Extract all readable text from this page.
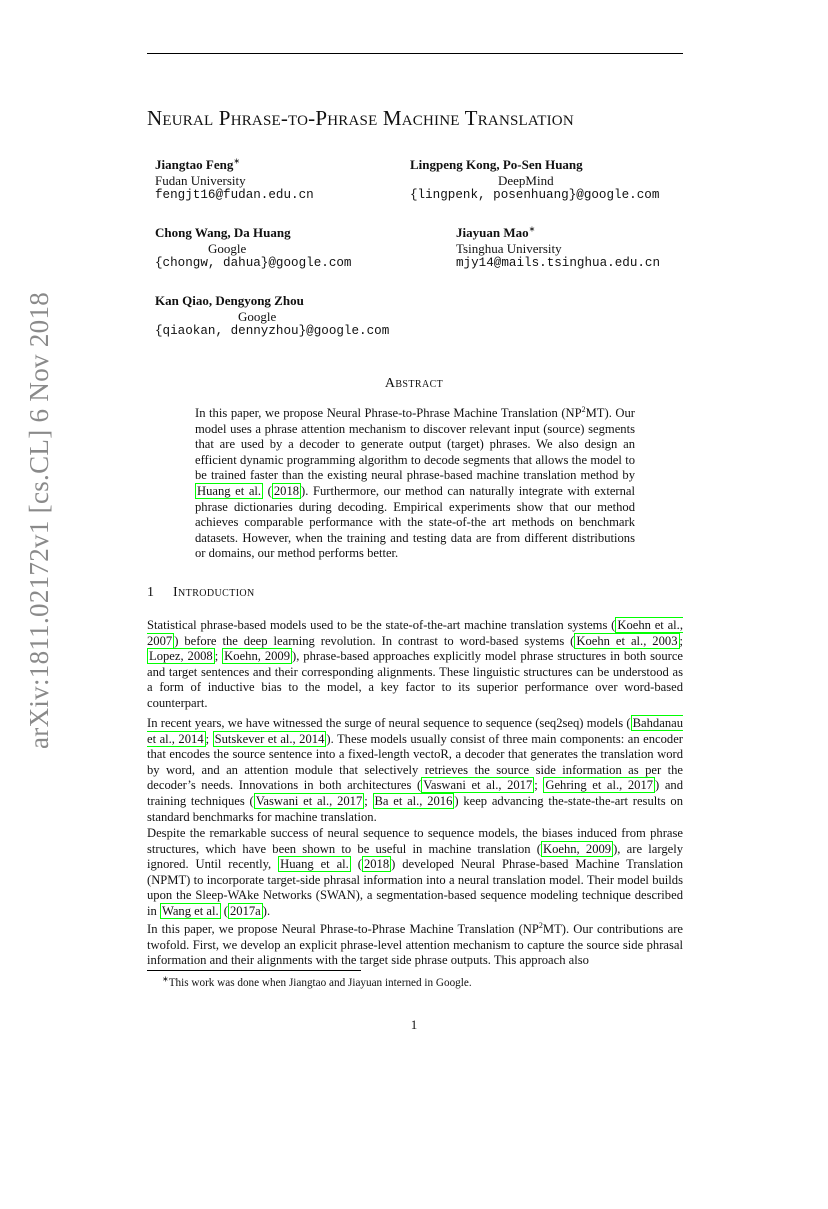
arXiv:1811.02172v1 [cs.CL] 6 Nov 2018
Neural Phrase-to-Phrase Machine Translation
Jiangtao Feng∗
Fudan University
fengjt16@fudan.edu.cn
Lingpeng Kong, Po-Sen Huang
DeepMind
{lingpenk, posenhuang}@google.com
Chong Wang, Da Huang
Google
{chongw, dahua}@google.com
Jiayuan Mao∗
Tsinghua University
mjy14@mails.tsinghua.edu.cn
Kan Qiao, Dengyong Zhou
Google
{qiaokan, dennyzhou}@google.com
Abstract
In this paper, we propose Neural Phrase-to-Phrase Machine Translation $(NP^2MT)$. Our model uses a phrase attention mechanism to discover relevant input (source) segments that are used by a decoder to generate output (target) phrases. We also design an efficient dynamic programming algorithm to decode segments that allows the model to be trained faster than the existing neural phrase-based machine translation method by Huang et al. ( 2018 ). Furthermore, our method can naturally integrate with external phrase dictionaries during decoding. Empirical experiments show that our method achieves comparable performance with the state-of-the art methods on benchmark datasets. However, when the training and testing data are from different distributions or domains, our method performs better.
1 Introduction
Statistical phrase-based models used to be the state-of-the-art machine translation systems ( Koehn et al., 2007 ) before the deep learning revolution. In contrast to word-based systems ( Koehn et al., 2003 ; Lopez, 2008 ; Koehn, 2009 ), phrase-based approaches explicitly model phrase structures in both source and target sentences and their corresponding alignments. These linguistic structures can be understood as a form of inductive bias to the model, a key factor to its superior performance over word-based counterpart.
In recent years, we have witnessed the surge of neural sequence to sequence (seq2seq) models ( Bahdanau et al., 2014 ; Sutskever et al., 2014 ). These models usually consist of three main components: an encoder that encodes the source sentence into a fixed-length vectoR, a decoder that generates the translation word by word, and an attention module that selectively retrieves the source side information as per the decoder’s needs. Innovations in both architectures ( Vaswani et al., 2017 ; Gehring et al., 2017 ) and training techniques ( Vaswani et al., 2017 ; Ba et al., 2016 ) keep advancing the-state-the-art results on standard benchmarks for machine translation.
Despite the remarkable success of neural sequence to sequence models, the biases induced from phrase structures, which have been shown to be useful in machine translation ( Koehn, 2009 ), are largely ignored. Until recently, Huang et al. ( 2018 ) developed Neural Phrase-based Machine Translation (NPMT) to incorporate target-side phrasal information into a neural translation model. Their model builds upon the Sleep-WAke Networks (SWAN), a segmentation-based sequence modeling technique described in Wang et al. ( 2017a ).
In this paper, we propose Neural Phrase-to-Phrase Machine Translation $(NP^2MT)$. Our contributions are twofold. First, we develop an explicit phrase-level attention mechanism to capture the source side phrasal information and their alignments with the target side phrase outputs. This approach also
∗This work was done when Jiangtao and Jiayuan interned in Google.
1
